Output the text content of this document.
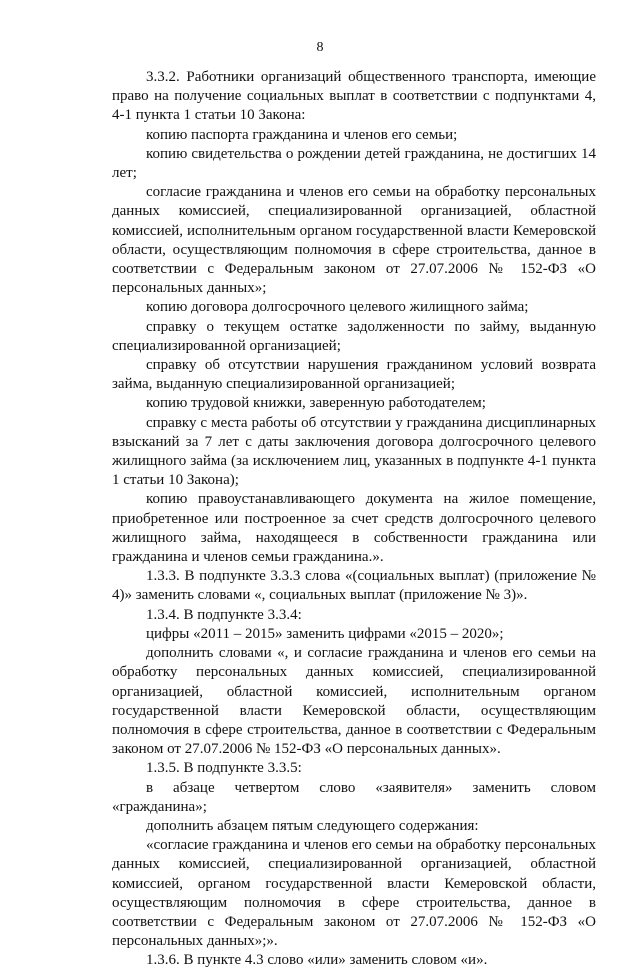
8

3.3.2. Работники организаций общественного транспорта, имеющие право на получение социальных выплат в соответствии с подпунктами 4, 4-1 пункта 1 статьи 10 Закона:

копию паспорта гражданина и членов его семьи;

копию свидетельства о рождении детей гражданина, не достигших 14 лет;

согласие гражданина и членов его семьи на обработку персональных данных комиссией, специализированной организацией, областной комиссией, исполнительным органом государственной власти Кемеровской области, осуществляющим полномочия в сфере строительства, данное в соответствии с Федеральным законом от 27.07.2006 № 152-ФЗ «О персональных данных»;

копию договора долгосрочного целевого жилищного займа;

справку о текущем остатке задолженности по займу, выданную специализированной организацией;

справку об отсутствии нарушения гражданином условий возврата займа, выданную специализированной организацией;

копию трудовой книжки, заверенную работодателем;

справку с места работы об отсутствии у гражданина дисциплинарных взысканий за 7 лет с даты заключения договора долгосрочного целевого жилищного займа (за исключением лиц, указанных в подпункте 4-1 пункта 1 статьи 10 Закона);

копию правоустанавливающего документа на жилое помещение, приобретенное или построенное за счет средств долгосрочного целевого жилищного займа, находящееся в собственности гражданина или гражданина и членов семьи гражданина.».

1.3.3. В подпункте 3.3.3 слова «(социальных выплат) (приложение № 4)» заменить словами «, социальных выплат (приложение № 3)».

1.3.4. В подпункте 3.3.4:

цифры «2011 – 2015» заменить цифрами «2015 – 2020»;

дополнить словами «, и согласие гражданина и членов его семьи на обработку персональных данных комиссией, специализированной организацией, областной комиссией, исполнительным органом государственной власти Кемеровской области, осуществляющим полномочия в сфере строительства, данное в соответствии с Федеральным законом от 27.07.2006 № 152-ФЗ «О персональных данных».

1.3.5. В подпункте 3.3.5:

в абзаце четвертом слово «заявителя» заменить словом «гражданина»;

дополнить абзацем пятым следующего содержания:

«согласие гражданина и членов его семьи на обработку персональных данных комиссией, специализированной организацией, областной комиссией, органом государственной власти Кемеровской области, осуществляющим полномочия в сфере строительства, данное в соответствии с Федеральным законом от 27.07.2006 № 152-ФЗ «О персональных данных»;».

1.3.6. В пункте 4.3 слово «или» заменить словом «и».
